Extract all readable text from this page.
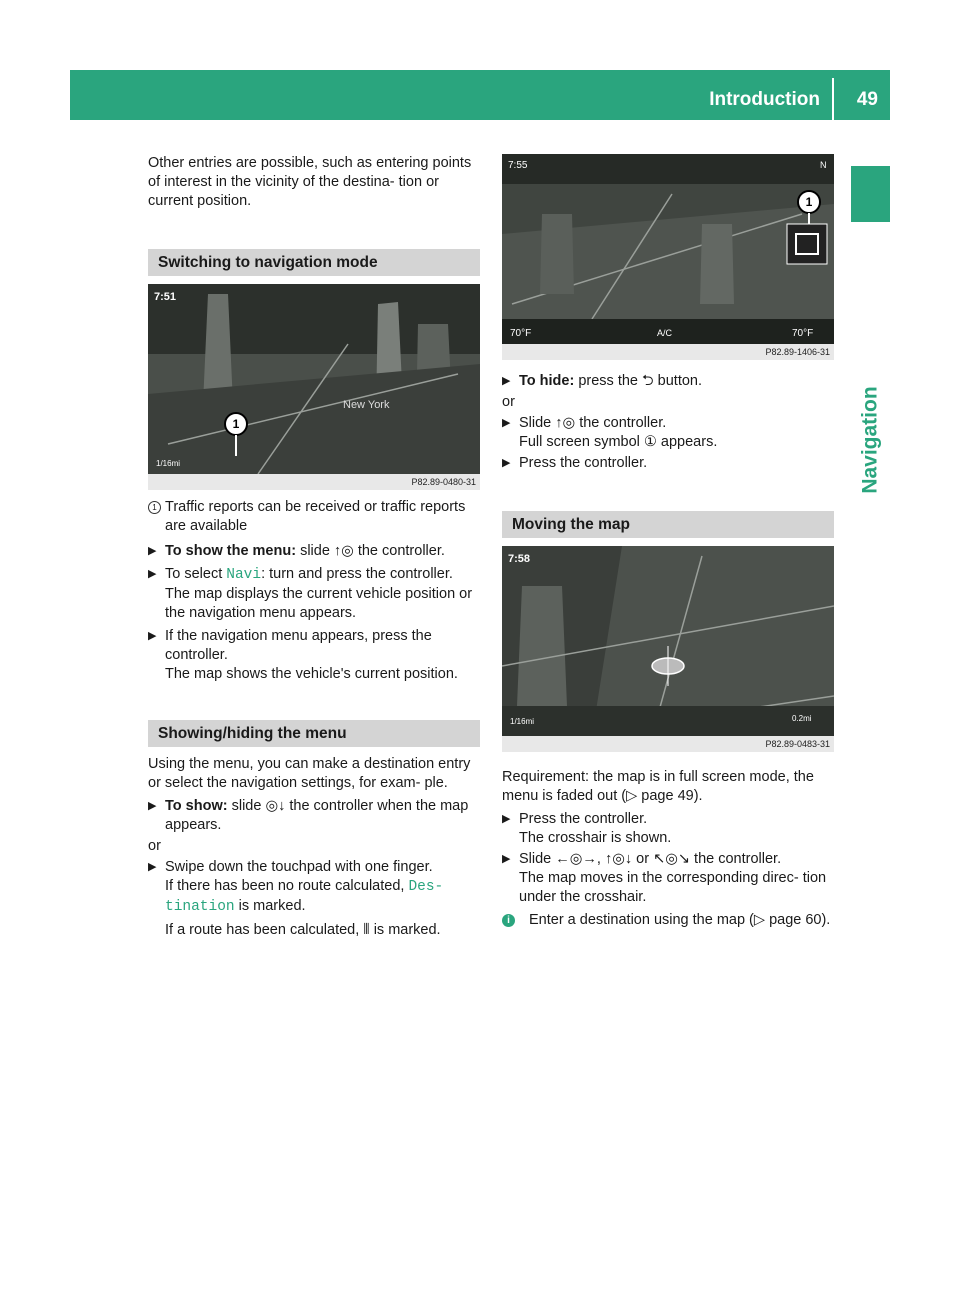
Introduction 49
Navigation

Other entries are possible, such as entering points of interest in the vicinity of the destina- tion or current position.

Switching to navigation mode
1
7:51
New York
1/16mi
P82.89-0480-31

1 Traffic reports can be received or traffic reports are available

▶ To show the menu: slide ↑◎ the controller.

▶ To select Navi: turn and press the controller.
The map displays the current vehicle position or the navigation menu appears.

▶ If the navigation menu appears, press the controller.
The map shows the vehicle's current position.

Showing/hiding the menu

Using the menu, you can make a destination entry or select the navigation settings, for exam- ple.

▶ To show: slide ◎↓ the controller when the map appears.

or

▶ Swipe down the touchpad with one finger.
If there has been no route calculated, Des‑ tination is marked.

If a route has been calculated, ⦀ is marked.

1
7:55	N
70°F	A/C	70°F
P82.89-1406-31

▶ To hide: press the ⮌ button.

or

▶ Slide ↑◎ the controller.
Full screen symbol ① appears.

▶ Press the controller.

Moving the map
7:58
1/16mi	0.2mi
P82.89-0483-31

Requirement: the map is in full screen mode, the menu is faded out (▷ page 49).

▶ Press the controller.
The crosshair is shown.

▶ Slide ←◎→, ↑◎↓ or ↖◎↘ the controller.
The map moves in the corresponding direc- tion under the crosshair.

i	Enter a destination using the map (▷ page 60).
